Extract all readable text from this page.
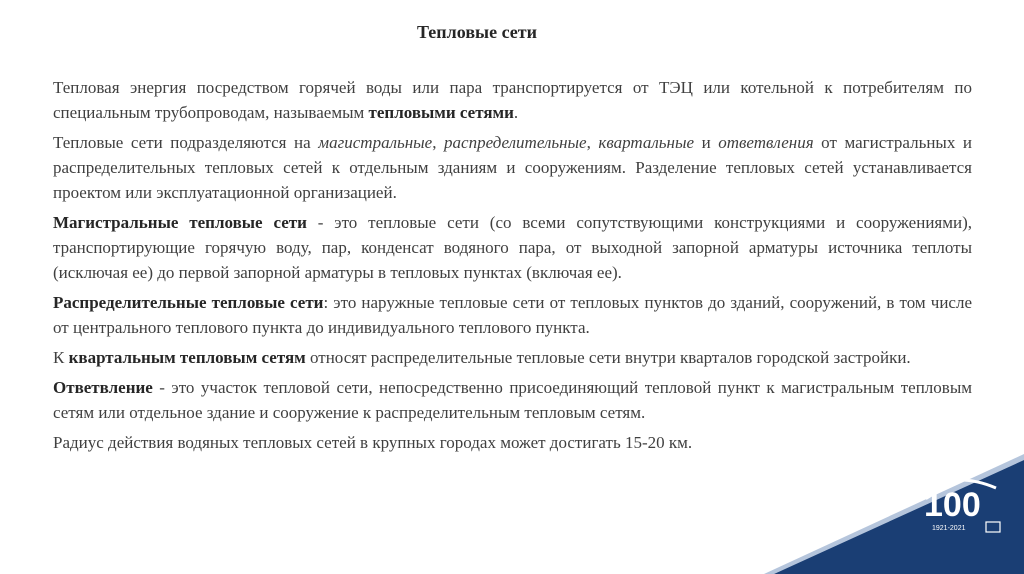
Тепловые сети

Тепловая энергия посредством горячей воды или пара транспортируется от ТЭЦ или котельной к потребителям по специальным трубопроводам, называемым тепловыми сетями.

Тепловые сети подразделяются на магистральные, распределительные, квартальные и ответвления от магистральных и распределительных тепловых сетей к отдельным зданиям и сооружениям. Разделение тепловых сетей устанавливается проектом или эксплуатационной организацией.

Магистральные тепловые сети - это тепловые сети (со всеми сопутствующими конструкциями и сооружениями), транспортирующие горячую воду, пар, конденсат водяного пара, от выходной запорной арматуры источника теплоты (исключая ее) до первой запорной арматуры в тепловых пунктах (включая ее).

Распределительные тепловые сети: это наружные тепловые сети от тепловых пунктов до зданий, сооружений, в том числе от центрального теплового пункта до индивидуального теплового пункта.

К квартальным тепловым сетям относят распределительные тепловые сети внутри кварталов городской застройки.

Ответвление - это участок тепловой сети, непосредственно присоединяющий тепловой пункт к магистральным тепловым сетям или отдельное здание и сооружение к распределительным тепловым сетям.

Радиус действия водяных тепловых сетей в крупных городах может достигать 15-20 км.

100
1921-2021
